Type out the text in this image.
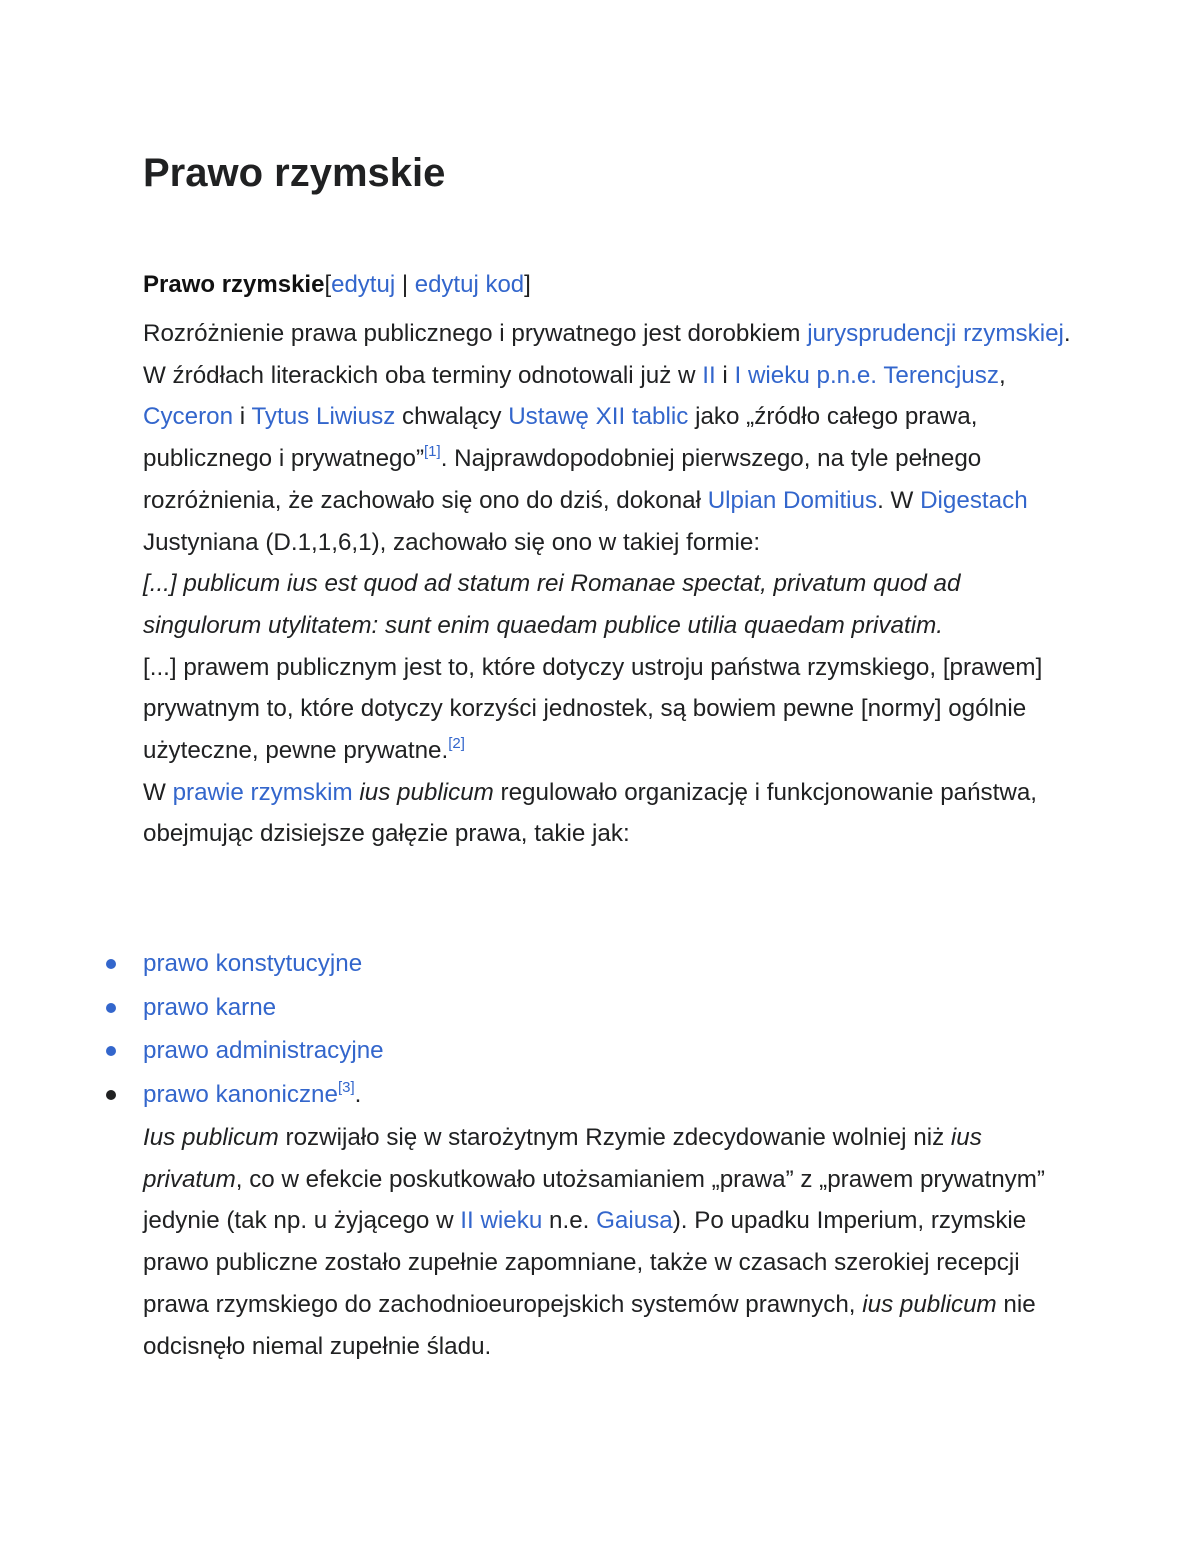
Prawo rzymskie
Prawo rzymskie[edytuj | edytuj kod]
Rozróżnienie prawa publicznego i prywatnego jest dorobkiem jurysprudencji rzymskiej. W źródłach literackich oba terminy odnotowali już w II i I wieku p.n.e. Terencjusz, Cyceron i Tytus Liwiusz chwalący Ustawę XII tablic jako „źródło całego prawa, publicznego i prywatnego”[1]. Najprawdopodobniej pierwszego, na tyle pełnego rozróżnienia, że zachowało się ono do dziś, dokonał Ulpian Domitius. W Digestach Justyniana (D.1,1,6,1), zachowało się ono w takiej formie:
[...] publicum ius est quod ad statum rei Romanae spectat, privatum quod ad singulorum utylitatem: sunt enim quaedam publice utilia quaedam privatim.
[...] prawem publicznym jest to, które dotyczy ustroju państwa rzymskiego, [prawem] prywatnym to, które dotyczy korzyści jednostek, są bowiem pewne [normy] ogólnie użyteczne, pewne prywatne.[2]
W prawie rzymskim ius publicum regulowało organizację i funkcjonowanie państwa, obejmując dzisiejsze gałęzie prawa, takie jak:
prawo konstytucyjne
prawo karne
prawo administracyjne
prawo kanoniczne[3].
Ius publicum rozwijało się w starożytnym Rzymie zdecydowanie wolniej niż ius privatum, co w efekcie poskutkowało utożsamianiem „prawa” z „prawem prywatnym” jedynie (tak np. u żyjącego w II wieku n.e. Gaiusa). Po upadku Imperium, rzymskie prawo publiczne zostało zupełnie zapomniane, także w czasach szerokiej recepcji prawa rzymskiego do zachodnioeuropejskich systemów prawnych, ius publicum nie odcisnęło niemal zupełnie śladu.
